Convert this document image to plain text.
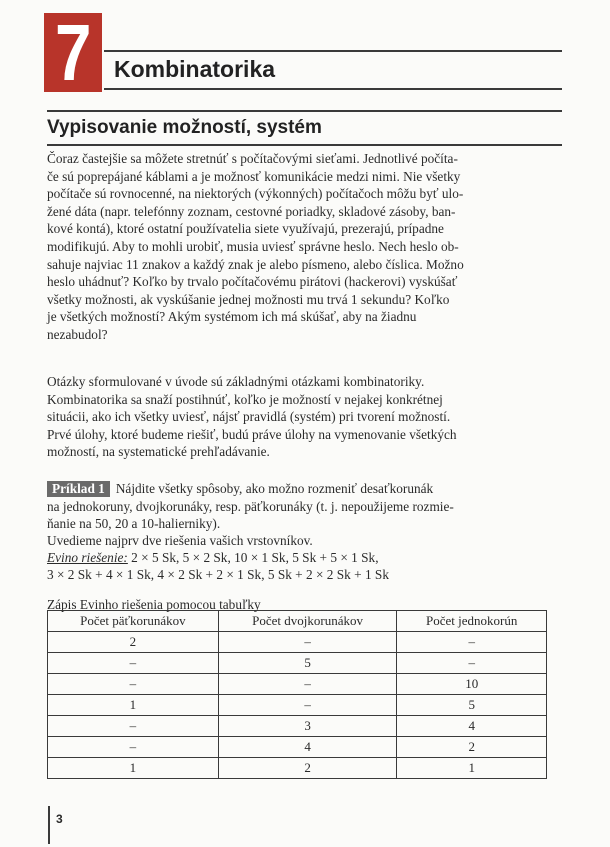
7 Kombinatorika
Vypisovanie možností, systém

Čoraz častejšie sa môžete stretnúť s počítačovými sieťami. Jednotlivé počíta-
če sú poprepájané káblami a je možnosť komunikácie medzi nimi. Nie všetky
počítače sú rovnocenné, na niektorých (výkonných) počítačoch môžu byť ulo-
žené dáta (napr. telefónny zoznam, cestovné poriadky, skladové zásoby, ban-
kové kontá), ktoré ostatní používatelia siete využívajú, prezerajú, prípadne
modifikujú. Aby to mohli urobiť, musia uviesť správne heslo. Nech heslo ob-
sahuje najviac 11 znakov a každý znak je alebo písmeno, alebo číslica. Možno
heslo uhádnuť? Koľko by trvalo počítačovému pirátovi (hackerovi) vyskúšať
všetky možnosti, ak vyskúšanie jednej možnosti mu trvá 1 sekundu? Koľko
je všetkých možností? Akým systémom ich má skúšať, aby na žiadnu
nezabudol?

Otázky sformulované v úvode sú základnými otázkami kombinatoriky.
Kombinatorika sa snaží postihnúť, koľko je možností v nejakej konkrétnej
situácii, ako ich všetky uviesť, nájsť pravidlá (systém) pri tvorení možností.
Prvé úlohy, ktoré budeme riešiť, budú práve úlohy na vymenovanie všetkých
možností, na systematické prehľadávanie.

Príklad 1 Nájdite všetky spôsoby, ako možno rozmeniť desaťkorunák
na jednokoruny, dvojkorunáky, resp. päťkorunáky (t. j. nepoužijeme rozmie-
ňanie na 50, 20 a 10-halierniky).
Uvedieme najprv dve riešenia vašich vrstovníkov.
Evino riešenie: 2 × 5 Sk, 5 × 2 Sk, 10 × 1 Sk, 5 Sk + 5 × 1 Sk,
3 × 2 Sk + 4 × 1 Sk, 4 × 2 Sk + 2 × 1 Sk, 5 Sk + 2 × 2 Sk + 1 Sk
Zápis Evinho riešenia pomocou tabuľky
Počet päťkorunákov	Počet dvojkorunákov	Počet jednokorún
2	–	–
–	5	–
–	–	10
1	–	5
–	3	4
–	4	2
1	2	1
3
